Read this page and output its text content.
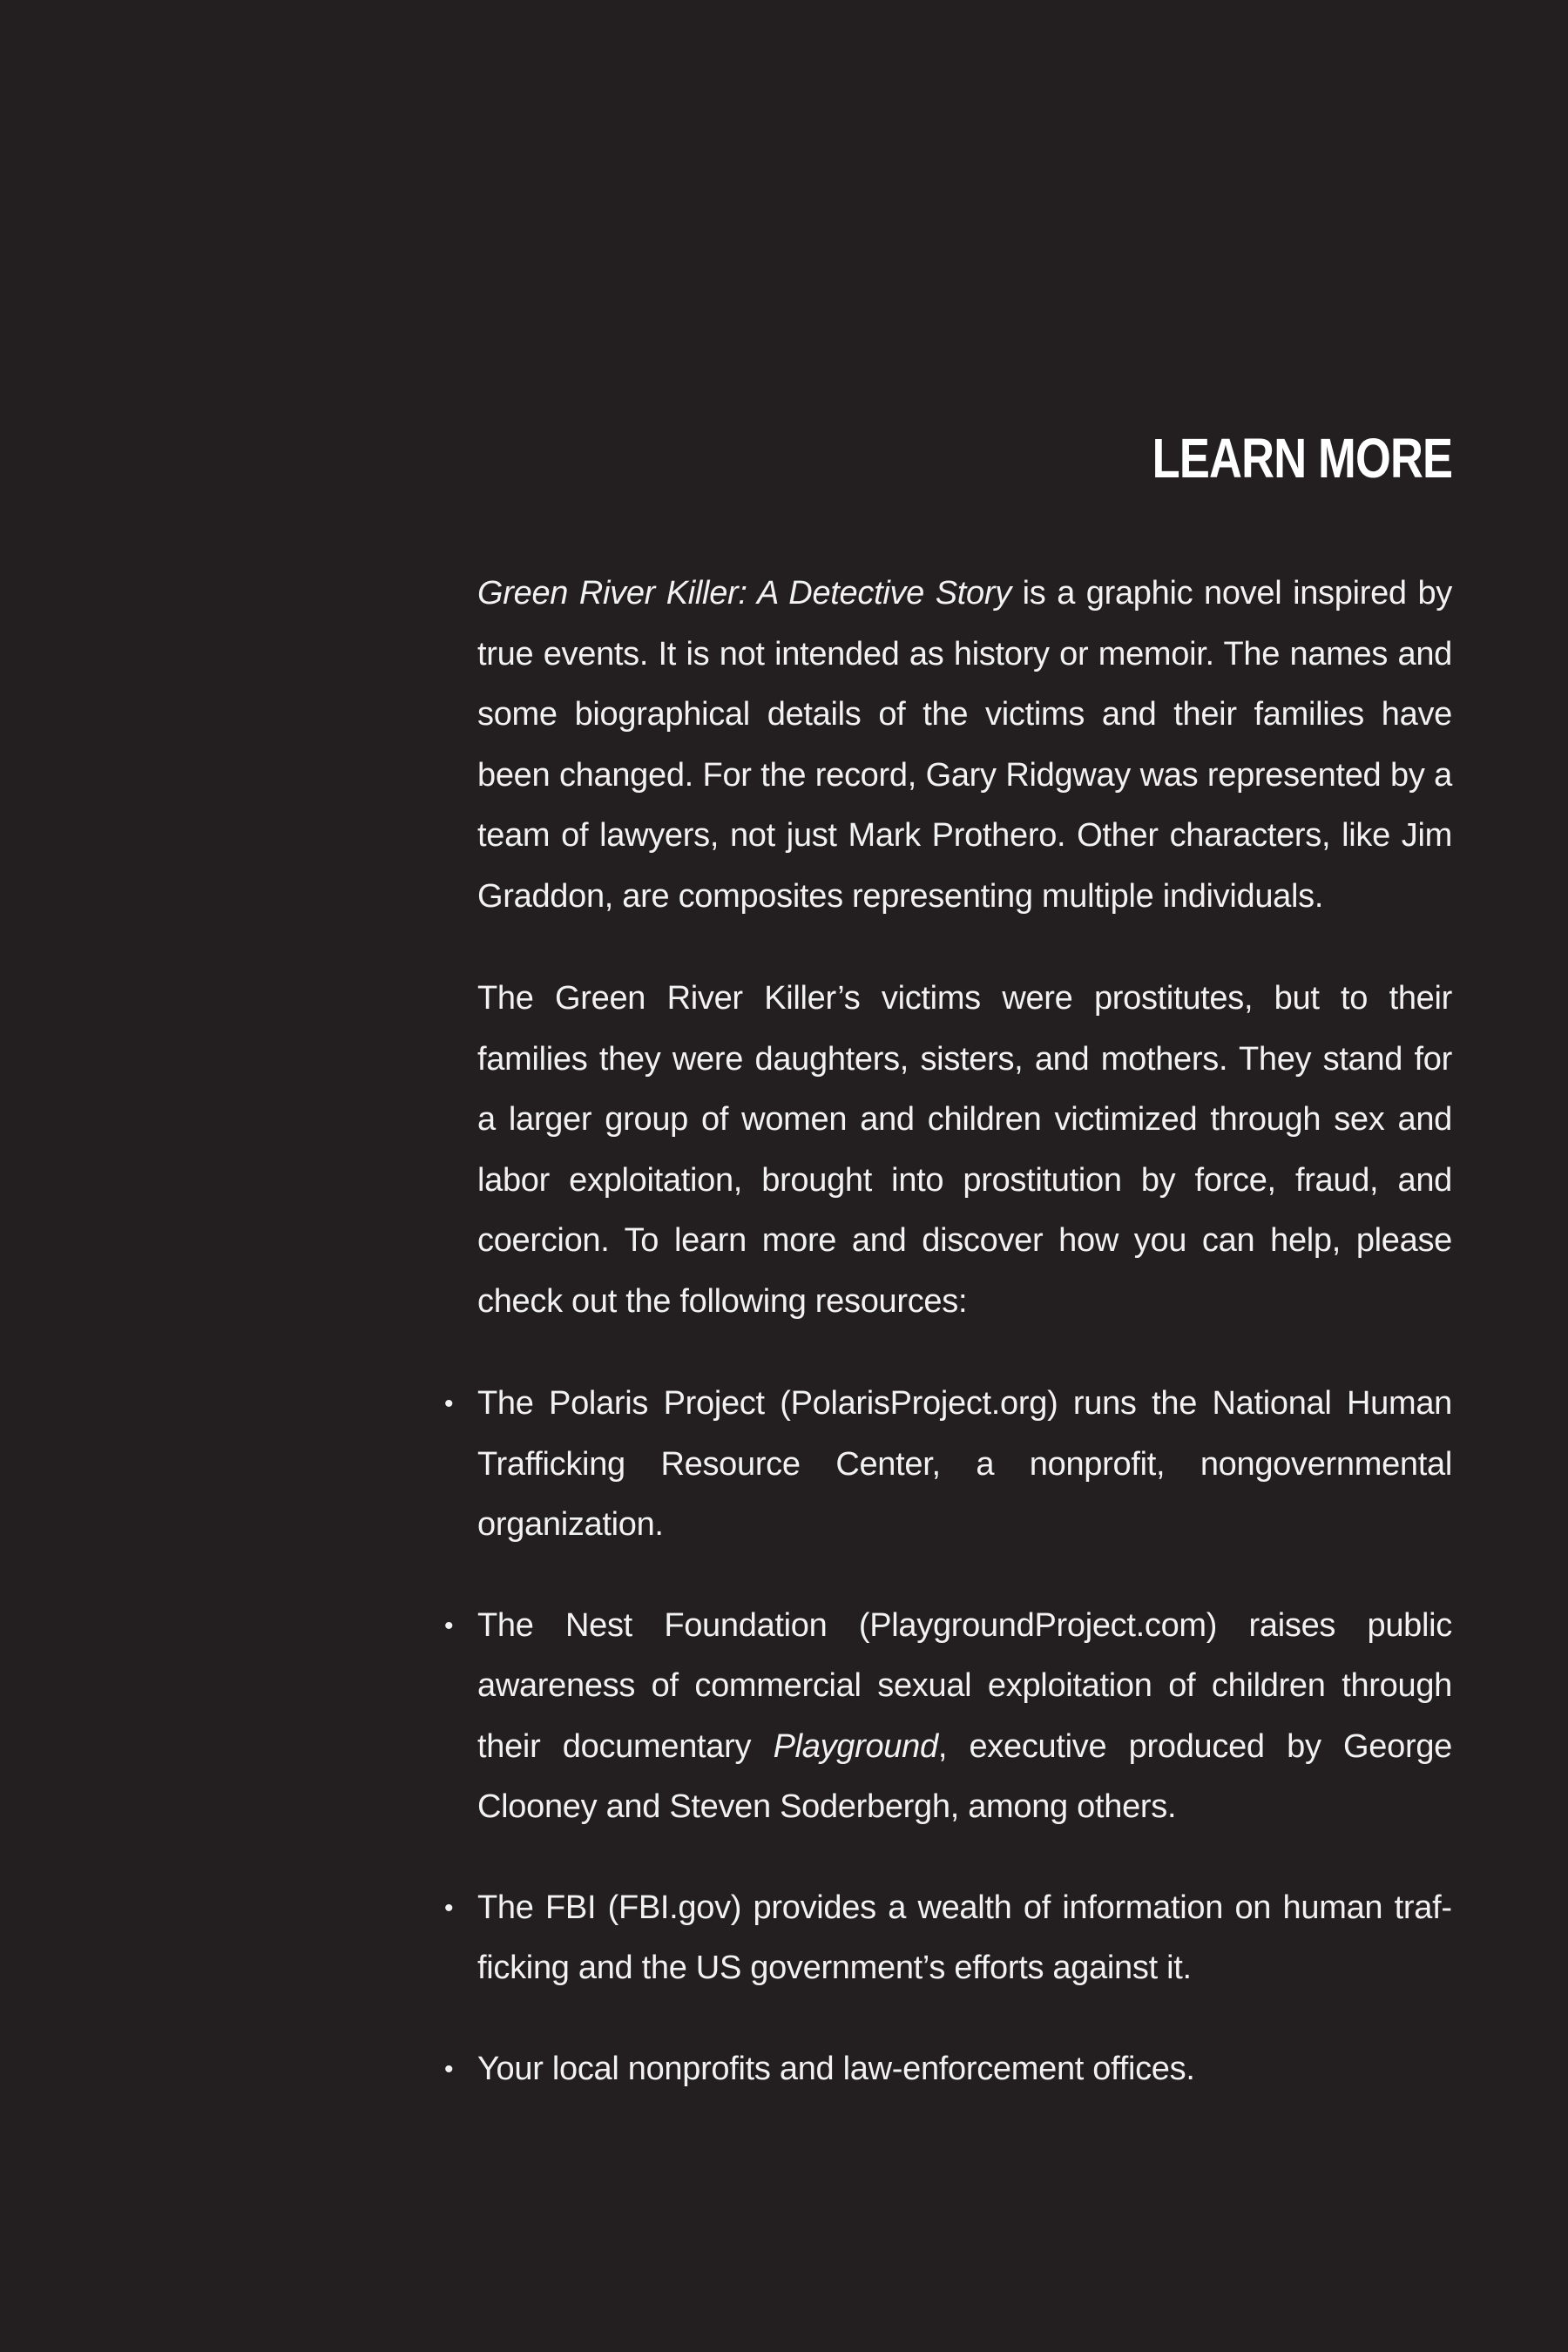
LEARN MORE

Green River Killer: A Detective Story is a graphic novel inspired by true events. It is not intended as history or memoir. The names and some biographical details of the victims and their families have been changed. For the record, Gary Ridgway was represented by a team of lawyers, not just Mark Prothero. Other characters, like Jim Graddon, are composites representing multiple individuals.

The Green River Killer’s victims were prostitutes, but to their families they were daughters, sisters, and mothers. They stand for a larger group of women and children victimized through sex and labor exploitation, brought into prostitution by force, fraud, and coercion. To learn more and discover how you can help, please check out the following resources:

• The Polaris Project (PolarisProject.org) runs the National Human Trafficking Resource Center, a nonprofit, nongovernmental organization.
• The Nest Foundation (PlaygroundProject.com) raises public awareness of commercial sexual exploitation of children through their documentary Playground, executive produced by George Clooney and Steven Soderbergh, among others.
• The FBI (FBI.gov) provides a wealth of information on human trafficking and the US government’s efforts against it.
• Your local nonprofits and law-enforcement offices.
